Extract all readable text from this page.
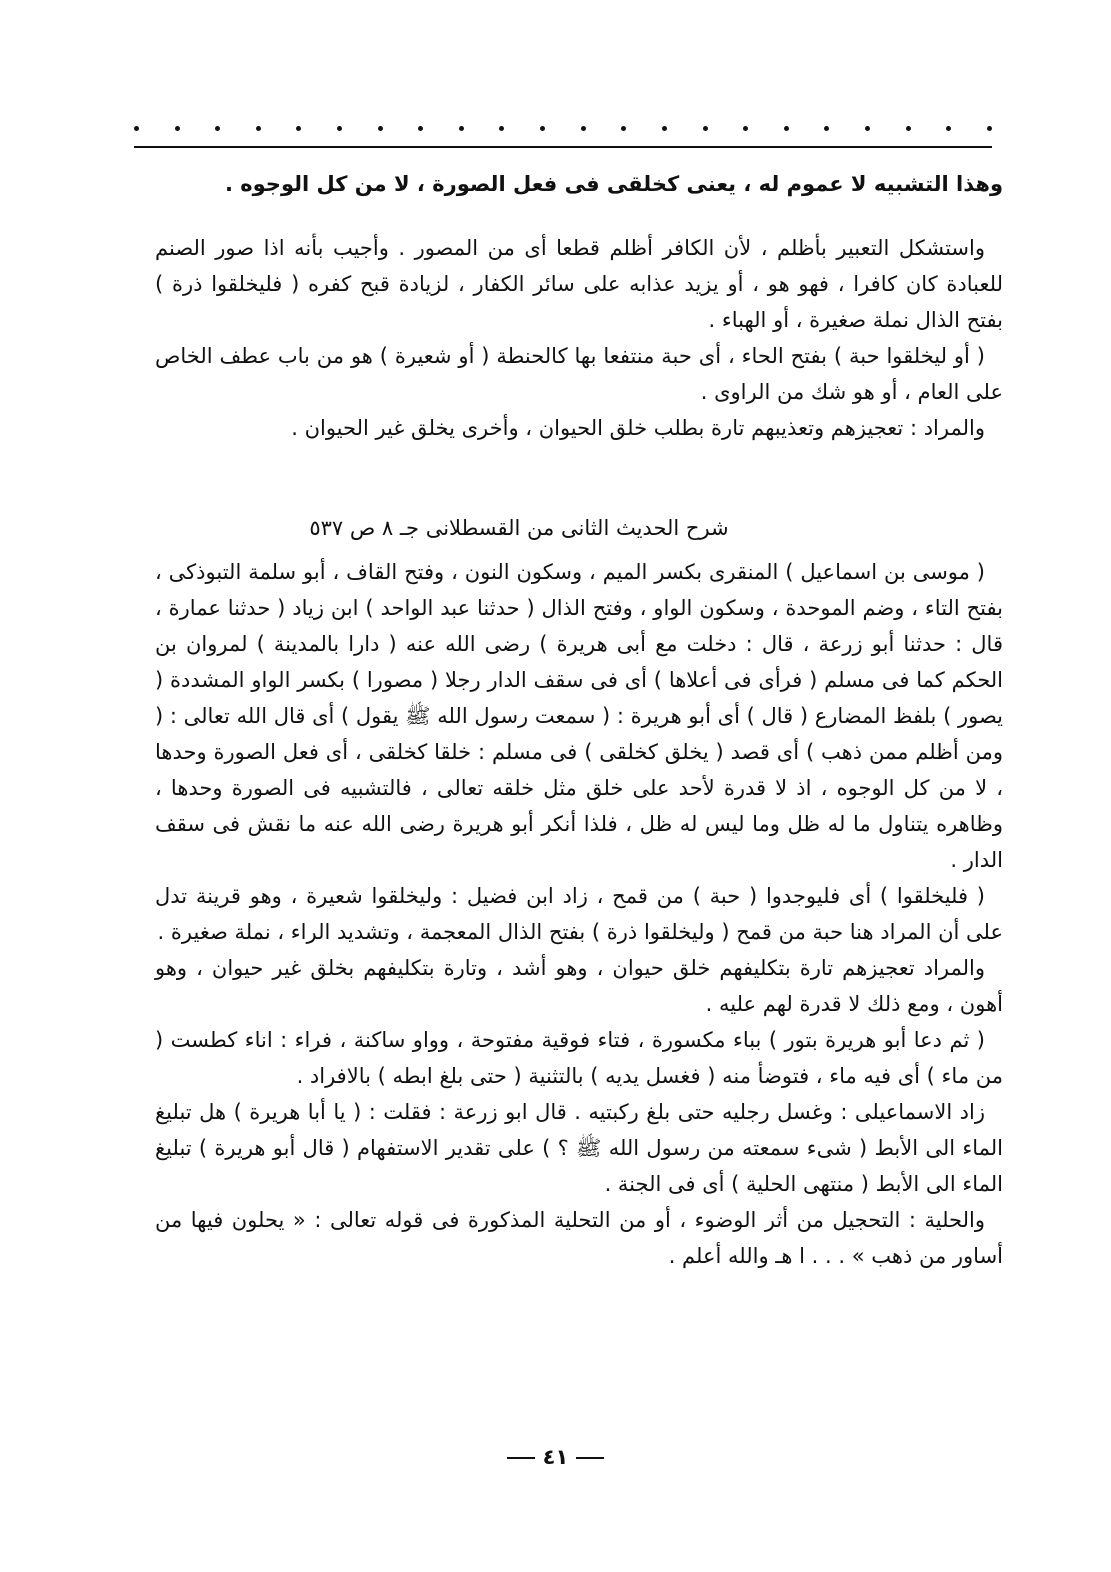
وهذا التشبيه لا عموم له ، يعنى كخلقى فى فعل الصورة ، لا من كل الوجوه .

واستشكل التعبير بأظلم ، لأن الكافر أظلم قطعا أى من المصور . وأجيب بأنه اذا صور الصنم للعبادة كان كافرا ، فهو هو ، أو يزيد عذابه على سائر الكفار ، لزيادة قبح كفره ( فليخلقوا ذرة ) بفتح الذال نملة صغيرة ، أو الهباء .

( أو ليخلقوا حبة ) بفتح الحاء ، أى حبة منتفعا بها كالحنطة ( أو شعيرة ) هو من باب عطف الخاص على العام ، أو هو شك من الراوى .

والمراد : تعجيزهم وتعذيبهم تارة بطلب خلق الحيوان ، وأخرى يخلق غير الحيوان .

شرح الحديث الثانى من القسطلانى جـ ٨ ص ٥٣٧

( موسى بن اسماعيل ) المنقرى بكسر الميم ، وسكون النون ، وفتح القاف ، أبو سلمة التبوذكى ، بفتح التاء ، وضم الموحدة ، وسكون الواو ، وفتح الذال ( حدثنا عبد الواحد ) ابن زياد ( حدثنا عمارة ، قال : حدثنا أبو زرعة ، قال : دخلت مع أبى هريرة ) رضى الله عنه ( دارا بالمدينة ) لمروان بن الحكم كما فى مسلم ( فرأى فى أعلاها ) أى فى سقف الدار رجلا ( مصورا ) بكسر الواو المشددة ( يصور ) بلفظ المضارع ( قال ) أى أبو هريرة : ( سمعت رسول الله ﷺ يقول ) أى قال الله تعالى : ( ومن أظلم ممن ذهب ) أى قصد ( يخلق كخلقى ) فى مسلم : خلقا كخلقى ، أى فعل الصورة وحدها ، لا من كل الوجوه ، اذ لا قدرة لأحد على خلق مثل خلقه تعالى ، فالتشبيه فى الصورة وحدها ، وظاهره يتناول ما له ظل وما ليس له ظل ، فلذا أنكر أبو هريرة رضى الله عنه ما نقش فى سقف الدار .

( فليخلقوا ) أى فليوجدوا ( حبة ) من قمح ، زاد ابن فضيل : وليخلقوا شعيرة ، وهو قرينة تدل على أن المراد هنا حبة من قمح ( وليخلقوا ذرة ) بفتح الذال المعجمة ، وتشديد الراء ، نملة صغيرة .

والمراد تعجيزهم تارة بتكليفهم خلق حيوان ، وهو أشد ، وتارة بتكليفهم بخلق غير حيوان ، وهو أهون ، ومع ذلك لا قدرة لهم عليه .

( ثم دعا أبو هريرة بتور ) بباء مكسورة ، فتاء فوقية مفتوحة ، وواو ساكنة ، فراء : اناء كطست ( من ماء ) أى فيه ماء ، فتوضأ منه ( فغسل يديه ) بالتثنية ( حتى بلغ ابطه ) بالافراد .

زاد الاسماعيلى : وغسل رجليه حتى بلغ ركبتيه . قال ابو زرعة : فقلت : ( يا أبا هريرة ) هل تبليغ الماء الى الأبط ( شىء سمعته من رسول الله ﷺ ؟ ) على تقدير الاستفهام ( قال أبو هريرة ) تبليغ الماء الى الأبط ( منتهى الحلية ) أى فى الجنة .

والحلية : التحجيل من أثر الوضوء ، أو من التحلية المذكورة فى قوله تعالى : « يحلون فيها من أساور من ذهب » . . . ا هـ والله أعلم .

٤١
